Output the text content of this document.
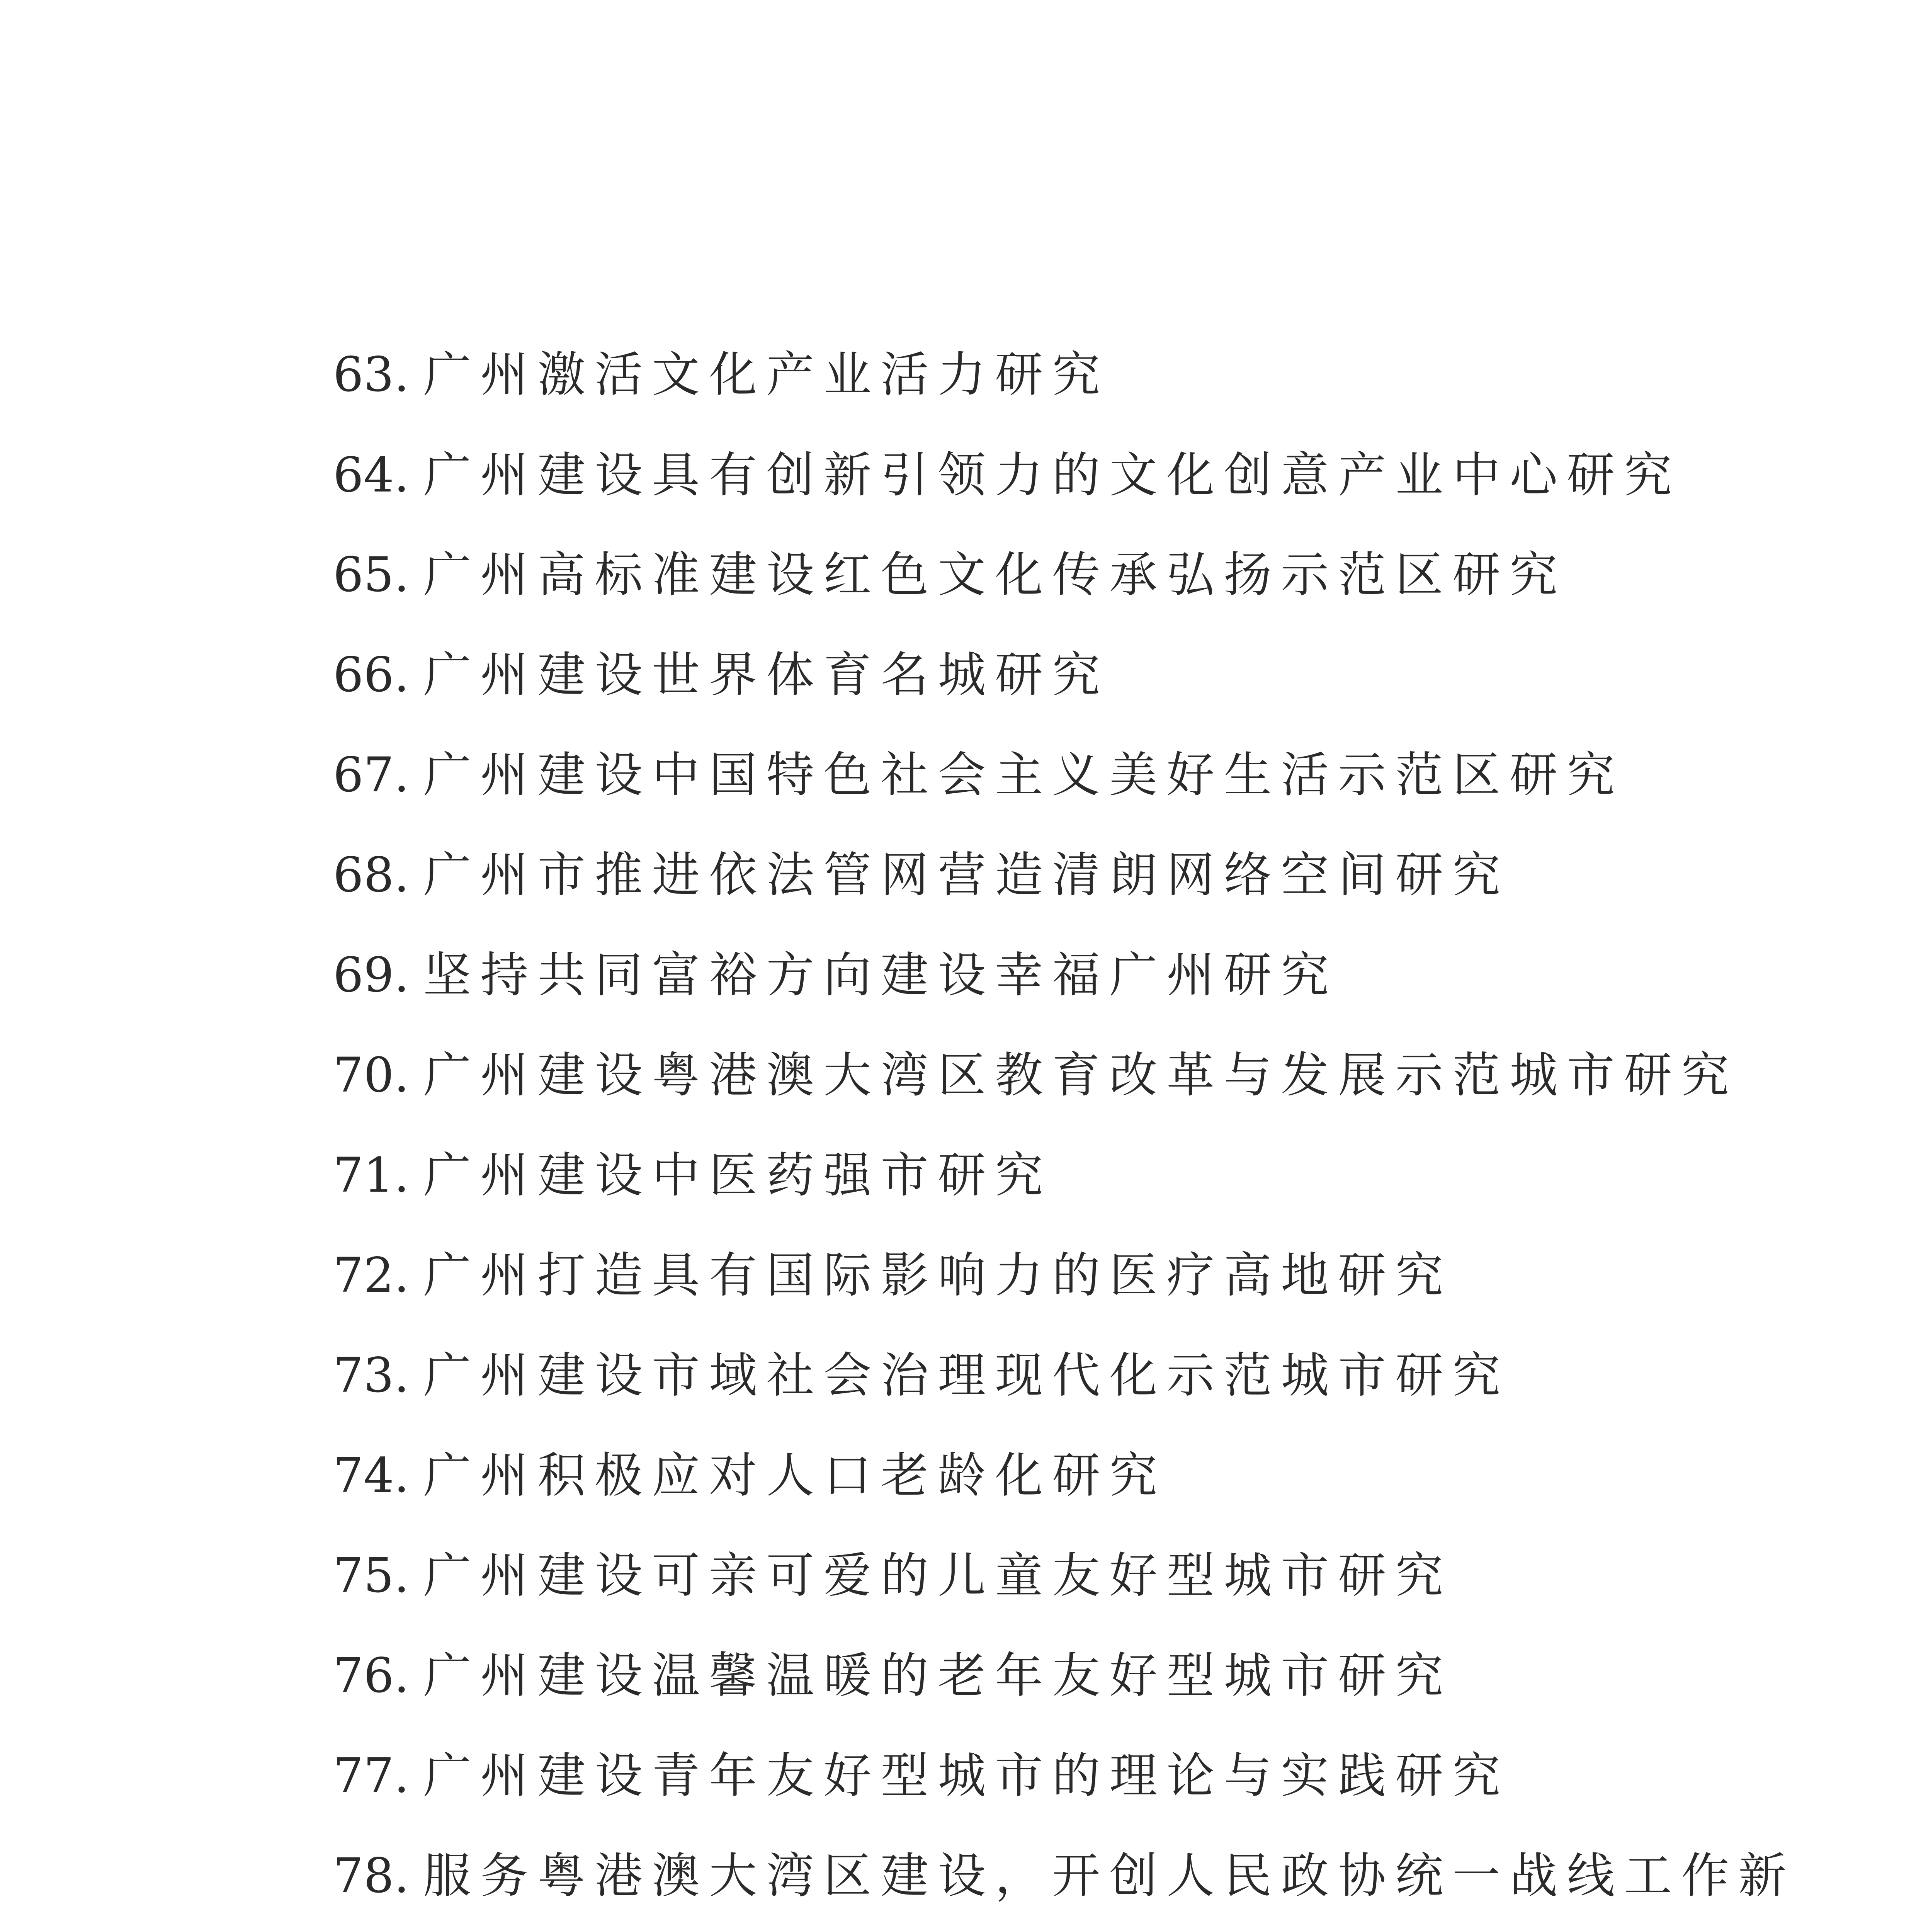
63. 广州激活文化产业活力研究
64. 广州建设具有创新引领力的文化创意产业中心研究
65. 广州高标准建设红色文化传承弘扬示范区研究
66. 广州建设世界体育名城研究
67. 广州建设中国特色社会主义美好生活示范区研究
68. 广州市推进依法管网营造清朗网络空间研究
69. 坚持共同富裕方向建设幸福广州研究
70. 广州建设粤港澳大湾区教育改革与发展示范城市研究
71. 广州建设中医药强市研究
72. 广州打造具有国际影响力的医疗高地研究
73. 广州建设市域社会治理现代化示范城市研究
74. 广州积极应对人口老龄化研究
75. 广州建设可亲可爱的儿童友好型城市研究
76. 广州建设温馨温暖的老年友好型城市研究
77. 广州建设青年友好型城市的理论与实践研究
78. 服务粤港澳大湾区建设，开创人民政协统一战线工作新
